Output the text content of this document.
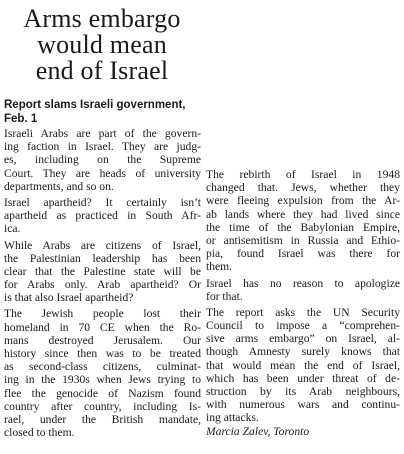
Arms embargo
would mean
end of Israel
Report slams Israeli government,
Feb. 1
Israeli Arabs are part of the govern-
ing faction in Israel. They are judg-
es, including on the Supreme
Court. They are heads of university
departments, and so on.
Israel apartheid? It certainly isn’t
apartheid as practiced in South Afr-
ica.
While Arabs are citizens of Israel,
the Palestinian leadership has been
clear that the Palestine state will be
for Arabs only. Arab apartheid? Or
is that also Israel apartheid?
The Jewish people lost their
homeland in 70 CE when the Ro-
mans destroyed Jerusalem. Our
history since then was to be treated
as second-class citizens, culminat-
ing in the 1930s when Jews trying to
flee the genocide of Nazism found
country after country, including Is-
rael, under the British mandate,
closed to them.
The rebirth of Israel in 1948
changed that. Jews, whether they
were fleeing expulsion from the Ar-
ab lands where they had lived since
the time of the Babylonian Empire,
or antisemitism in Russia and Ethio-
pia, found Israel was there for
them.
Israel has no reason to apologize
for that.
The report asks the UN Security
Council to impose a “comprehen-
sive arms embargo” on Israel, al-
though Amnesty surely knows that
that would mean the end of Israel,
which has been under threat of de-
struction by its Arab neighbours,
with numerous wars and continu-
ing attacks.
Marcia Zalev, Toronto
